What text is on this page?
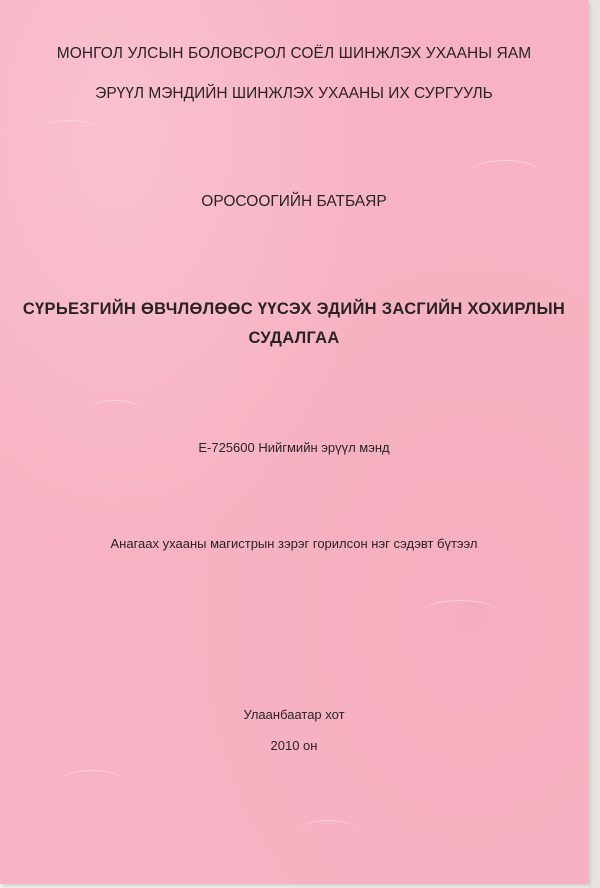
МОНГОЛ УЛСЫН БОЛОВСРОЛ СОЁЛ ШИНЖЛЭХ УХААНЫ ЯАМ
ЭРҮҮЛ МЭНДИЙН ШИНЖЛЭХ УХААНЫ ИХ СУРГУУЛЬ
ОРОСООГИЙН БАТБАЯР
СҮРЬЕЗГИЙН ӨВЧЛӨЛӨӨС ҮҮСЭХ ЭДИЙН ЗАСГИЙН ХОХИРЛЫН
СУДАЛГАА
Е-725600 Нийгмийн эрүүл мэнд
Анагаах ухааны магистрын зэрэг горилсон нэг сэдэвт бүтээл
Улаанбаатар хот
2010 он
